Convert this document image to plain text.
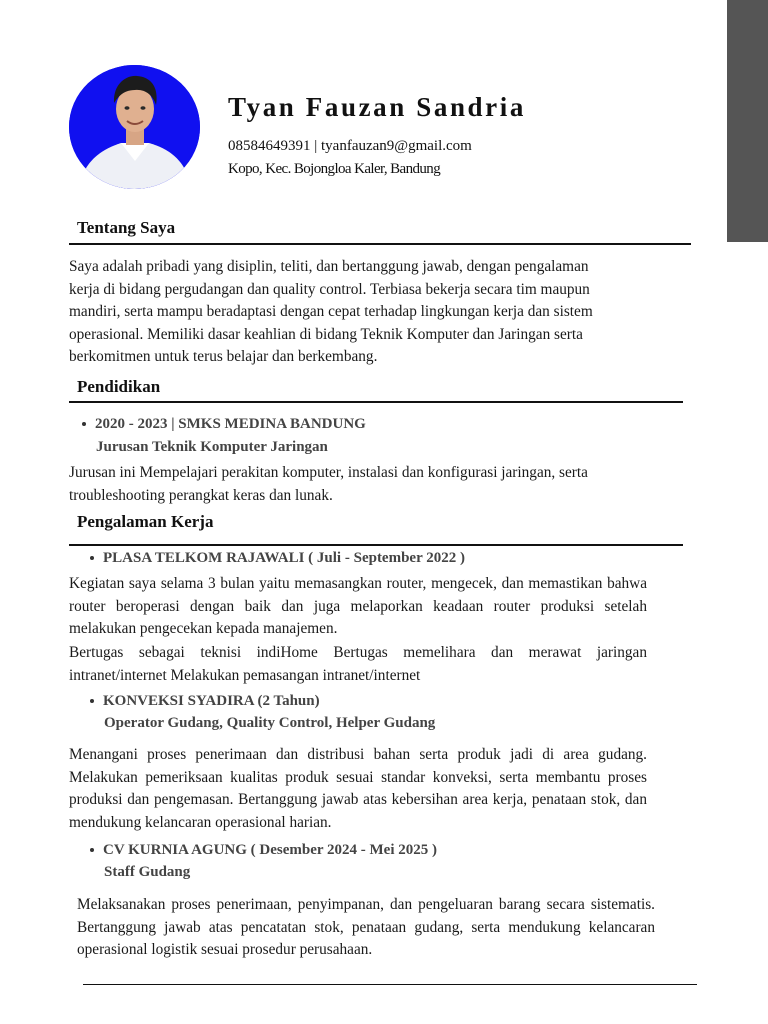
Tyan Fauzan Sandria
08584649391 | tyanfauzan9@gmail.com
Kopo, Kec. Bojongloa Kaler, Bandung
Tentang Saya
Saya adalah pribadi yang disiplin, teliti, dan bertanggung jawab, dengan pengalaman
kerja di bidang pergudangan dan quality control. Terbiasa bekerja secara tim maupun
mandiri, serta mampu beradaptasi dengan cepat terhadap lingkungan kerja dan sistem
operasional. Memiliki dasar keahlian di bidang Teknik Komputer dan Jaringan serta
berkomitmen untuk terus belajar dan berkembang.
Pendidikan
2020 - 2023 | SMKS MEDINA BANDUNG
Jurusan Teknik Komputer Jaringan
Jurusan ini Mempelajari perakitan komputer, instalasi dan konfigurasi jaringan, serta troubleshooting perangkat keras dan lunak.
Pengalaman Kerja
PLASA TELKOM RAJAWALI ( Juli - September 2022 )
Kegiatan saya selama 3 bulan yaitu memasangkan router, mengecek, dan memastikan bahwa router beroperasi dengan baik dan juga melaporkan keadaan router produksi setelah melakukan pengecekan kepada manajemen.
Bertugas sebagai teknisi indiHome Bertugas memelihara dan merawat jaringan intranet/internet Melakukan pemasangan intranet/internet
KONVEKSI SYADIRA (2 Tahun)
Operator Gudang, Quality Control, Helper Gudang
Menangani proses penerimaan dan distribusi bahan serta produk jadi di area gudang. Melakukan pemeriksaan kualitas produk sesuai standar konveksi, serta membantu proses produksi dan pengemasan. Bertanggung jawab atas kebersihan area kerja, penataan stok, dan mendukung kelancaran operasional harian.
CV KURNIA AGUNG ( Desember 2024 - Mei 2025 )
Staff Gudang
Melaksanakan proses penerimaan, penyimpanan, dan pengeluaran barang secara sistematis. Bertanggung jawab atas pencatatan stok, penataan gudang, serta mendukung kelancaran operasional logistik sesuai prosedur perusahaan.
